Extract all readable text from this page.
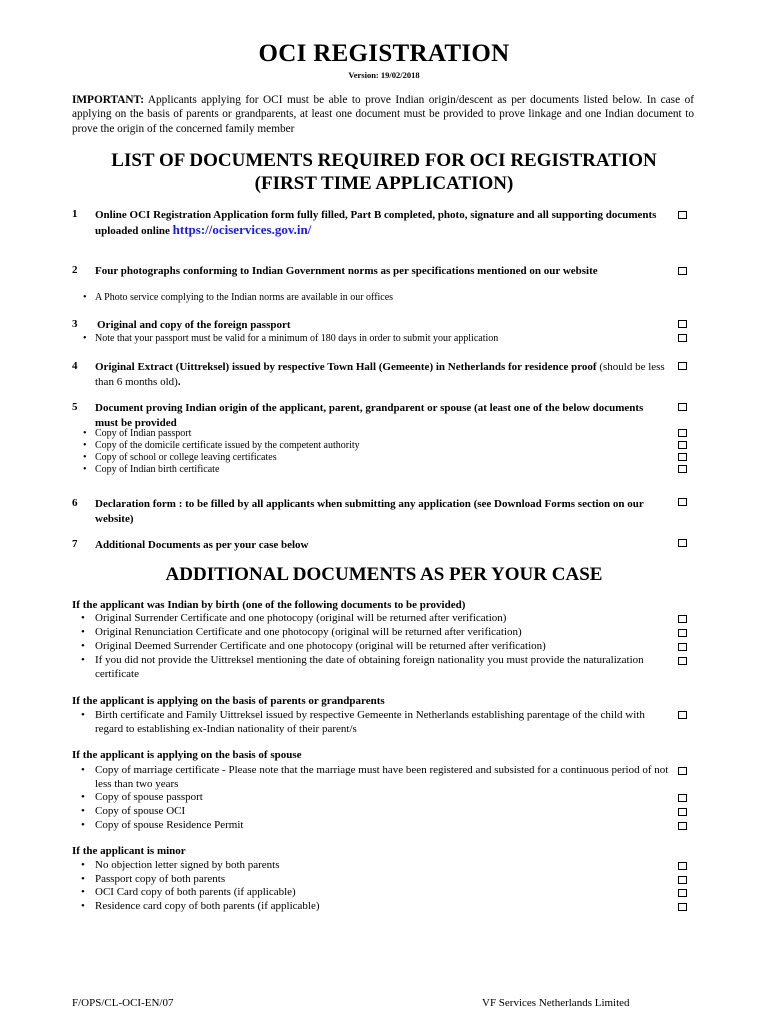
OCI REGISTRATION
Version: 19/02/2018
IMPORTANT: Applicants applying for OCI must be able to prove Indian origin/descent as per documents listed below. In case of applying on the basis of parents or grandparents, at least one document must be provided to prove linkage and one Indian document to prove the origin of the concerned family member
LIST OF DOCUMENTS REQUIRED FOR OCI REGISTRATION
(FIRST TIME APPLICATION)
1 Online OCI Registration Application form fully filled, Part B completed, photo, signature and all supporting documents uploaded online https://ociservices.gov.in/
2 Four photographs conforming to Indian Government norms as per specifications mentioned on our website
• A Photo service complying to the Indian norms are available in our offices
3 Original and copy of the foreign passport
• Note that your passport must be valid for a minimum of 180 days in order to submit your application
4 Original Extract (Uittreksel) issued by respective Town Hall (Gemeente) in Netherlands for residence proof (should be less than 6 months old).
5 Document proving Indian origin of the applicant, parent, grandparent or spouse (at least one of the below documents must be provided
• Copy of Indian passport
• Copy of the domicile certificate issued by the competent authority
• Copy of school or college leaving certificates
• Copy of Indian birth certificate
6 Declaration form : to be filled by all applicants when submitting any application (see Download Forms section on our website)
7 Additional Documents as per your case below
ADDITIONAL DOCUMENTS AS PER YOUR CASE
If the applicant was Indian by birth (one of the following documents to be provided)
• Original Surrender Certificate and one photocopy (original will be returned after verification)
• Original Renunciation Certificate and one photocopy (original will be returned after verification)
• Original Deemed Surrender Certificate and one photocopy (original will be returned after verification)
• If you did not provide the Uittreksel mentioning the date of obtaining foreign nationality you must provide the naturalization certificate
If the applicant is applying on the basis of parents or grandparents
• Birth certificate and Family Uittreksel issued by respective Gemeente in Netherlands establishing parentage of the child with regard to establishing ex-Indian nationality of their parent/s
If the applicant is applying on the basis of spouse
• Copy of marriage certificate - Please note that the marriage must have been registered and subsisted for a continuous period of not less than two years
• Copy of spouse passport
• Copy of spouse OCI
• Copy of spouse Residence Permit
If the applicant is minor
• No objection letter signed by both parents
• Passport copy of both parents
• OCI Card copy of both parents (if applicable)
• Residence card copy of both parents (if applicable)
F/OPS/CL-OCI-EN/07	VF Services Netherlands Limited
